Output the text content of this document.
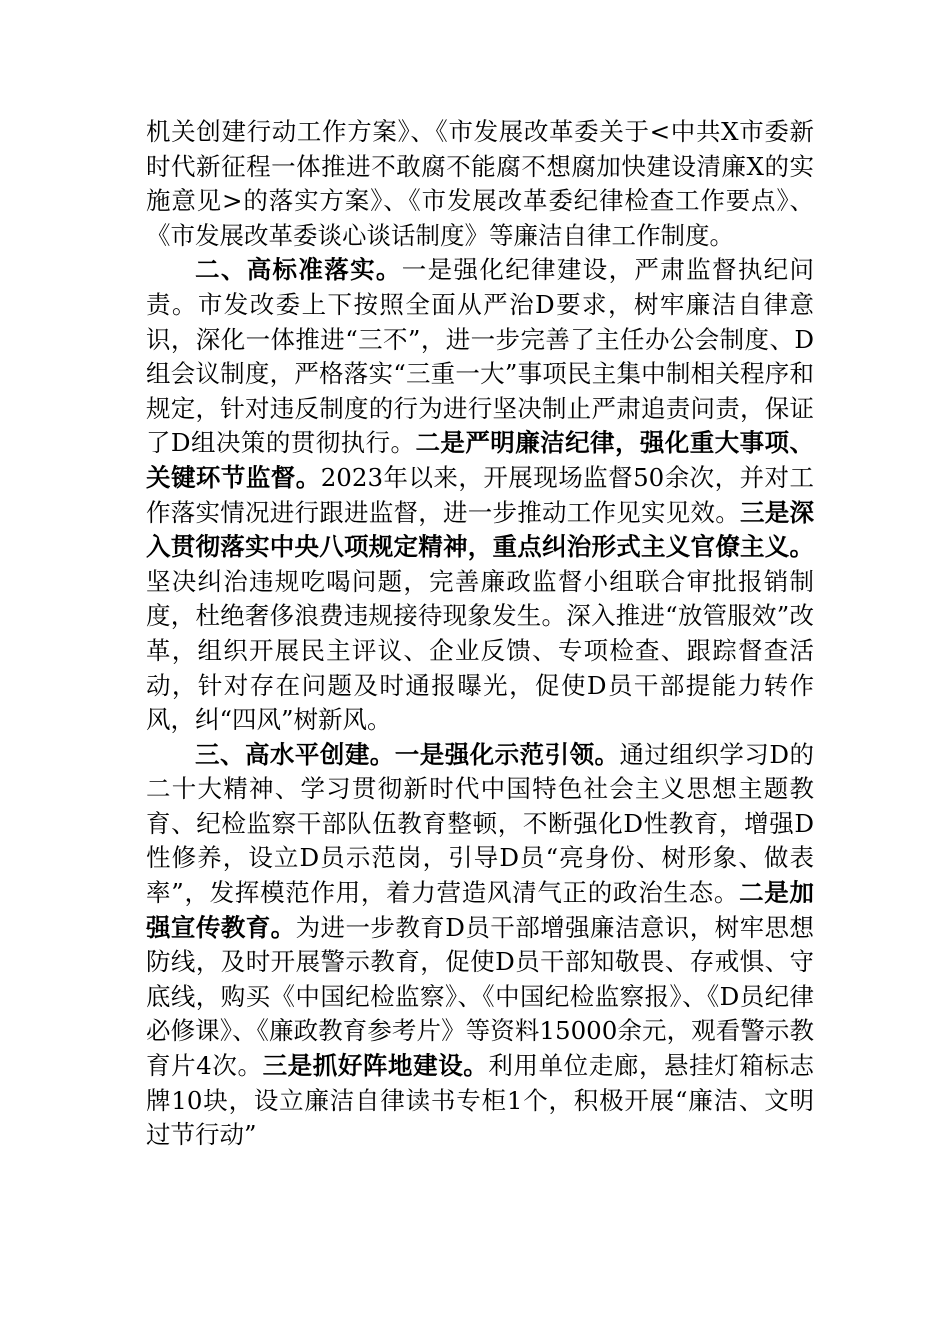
机关创建行动工作方案》、《市发展改革委关于<中共X市委新时代新征程一体推进不敢腐不能腐不想腐加快建设清廉X的实施意见>的落实方案》、《市发展改革委纪律检查工作要点》、《市发展改革委谈心谈话制度》等廉洁自律工作制度。

二、高标准落实。一是强化纪律建设，严肃监督执纪问责。市发改委上下按照全面从严治D要求，树牢廉洁自律意识，深化一体推进“三不”，进一步完善了主任办公会制度、D组会议制度，严格落实“三重一大”事项民主集中制相关程序和规定，针对违反制度的行为进行坚决制止严肃追责问责，保证了D组决策的贯彻执行。二是严明廉洁纪律，强化重大事项、关键环节监督。2023年以来，开展现场监督50余次，并对工作落实情况进行跟进监督，进一步推动工作见实见效。三是深入贯彻落实中央八项规定精神，重点纠治形式主义官僚主义。坚决纠治违规吃喝问题，完善廉政监督小组联合审批报销制度，杜绝奢侈浪费违规接待现象发生。深入推进“放管服效”改革，组织开展民主评议、企业反馈、专项检查、跟踪督查活动，针对存在问题及时通报曝光，促使D员干部提能力转作风，纠“四风”树新风。

三、高水平创建。一是强化示范引领。通过组织学习D的二十大精神、学习贯彻新时代中国特色社会主义思想主题教育、纪检监察干部队伍教育整顿，不断强化D性教育，增强D性修养，设立D员示范岗，引导D员“亮身份、树形象、做表率”，发挥模范作用，着力营造风清气正的政治生态。二是加强宣传教育。为进一步教育D员干部增强廉洁意识，树牢思想防线，及时开展警示教育，促使D员干部知敬畏、存戒惧、守底线，购买《中国纪检监察》、《中国纪检监察报》、《D员纪律必修课》、《廉政教育参考片》等资料15000余元，观看警示教育片4次。三是抓好阵地建设。利用单位走廊，悬挂灯箱标志牌10块，设立廉洁自律读书专柜1个，积极开展“廉洁、文明过节行动”
